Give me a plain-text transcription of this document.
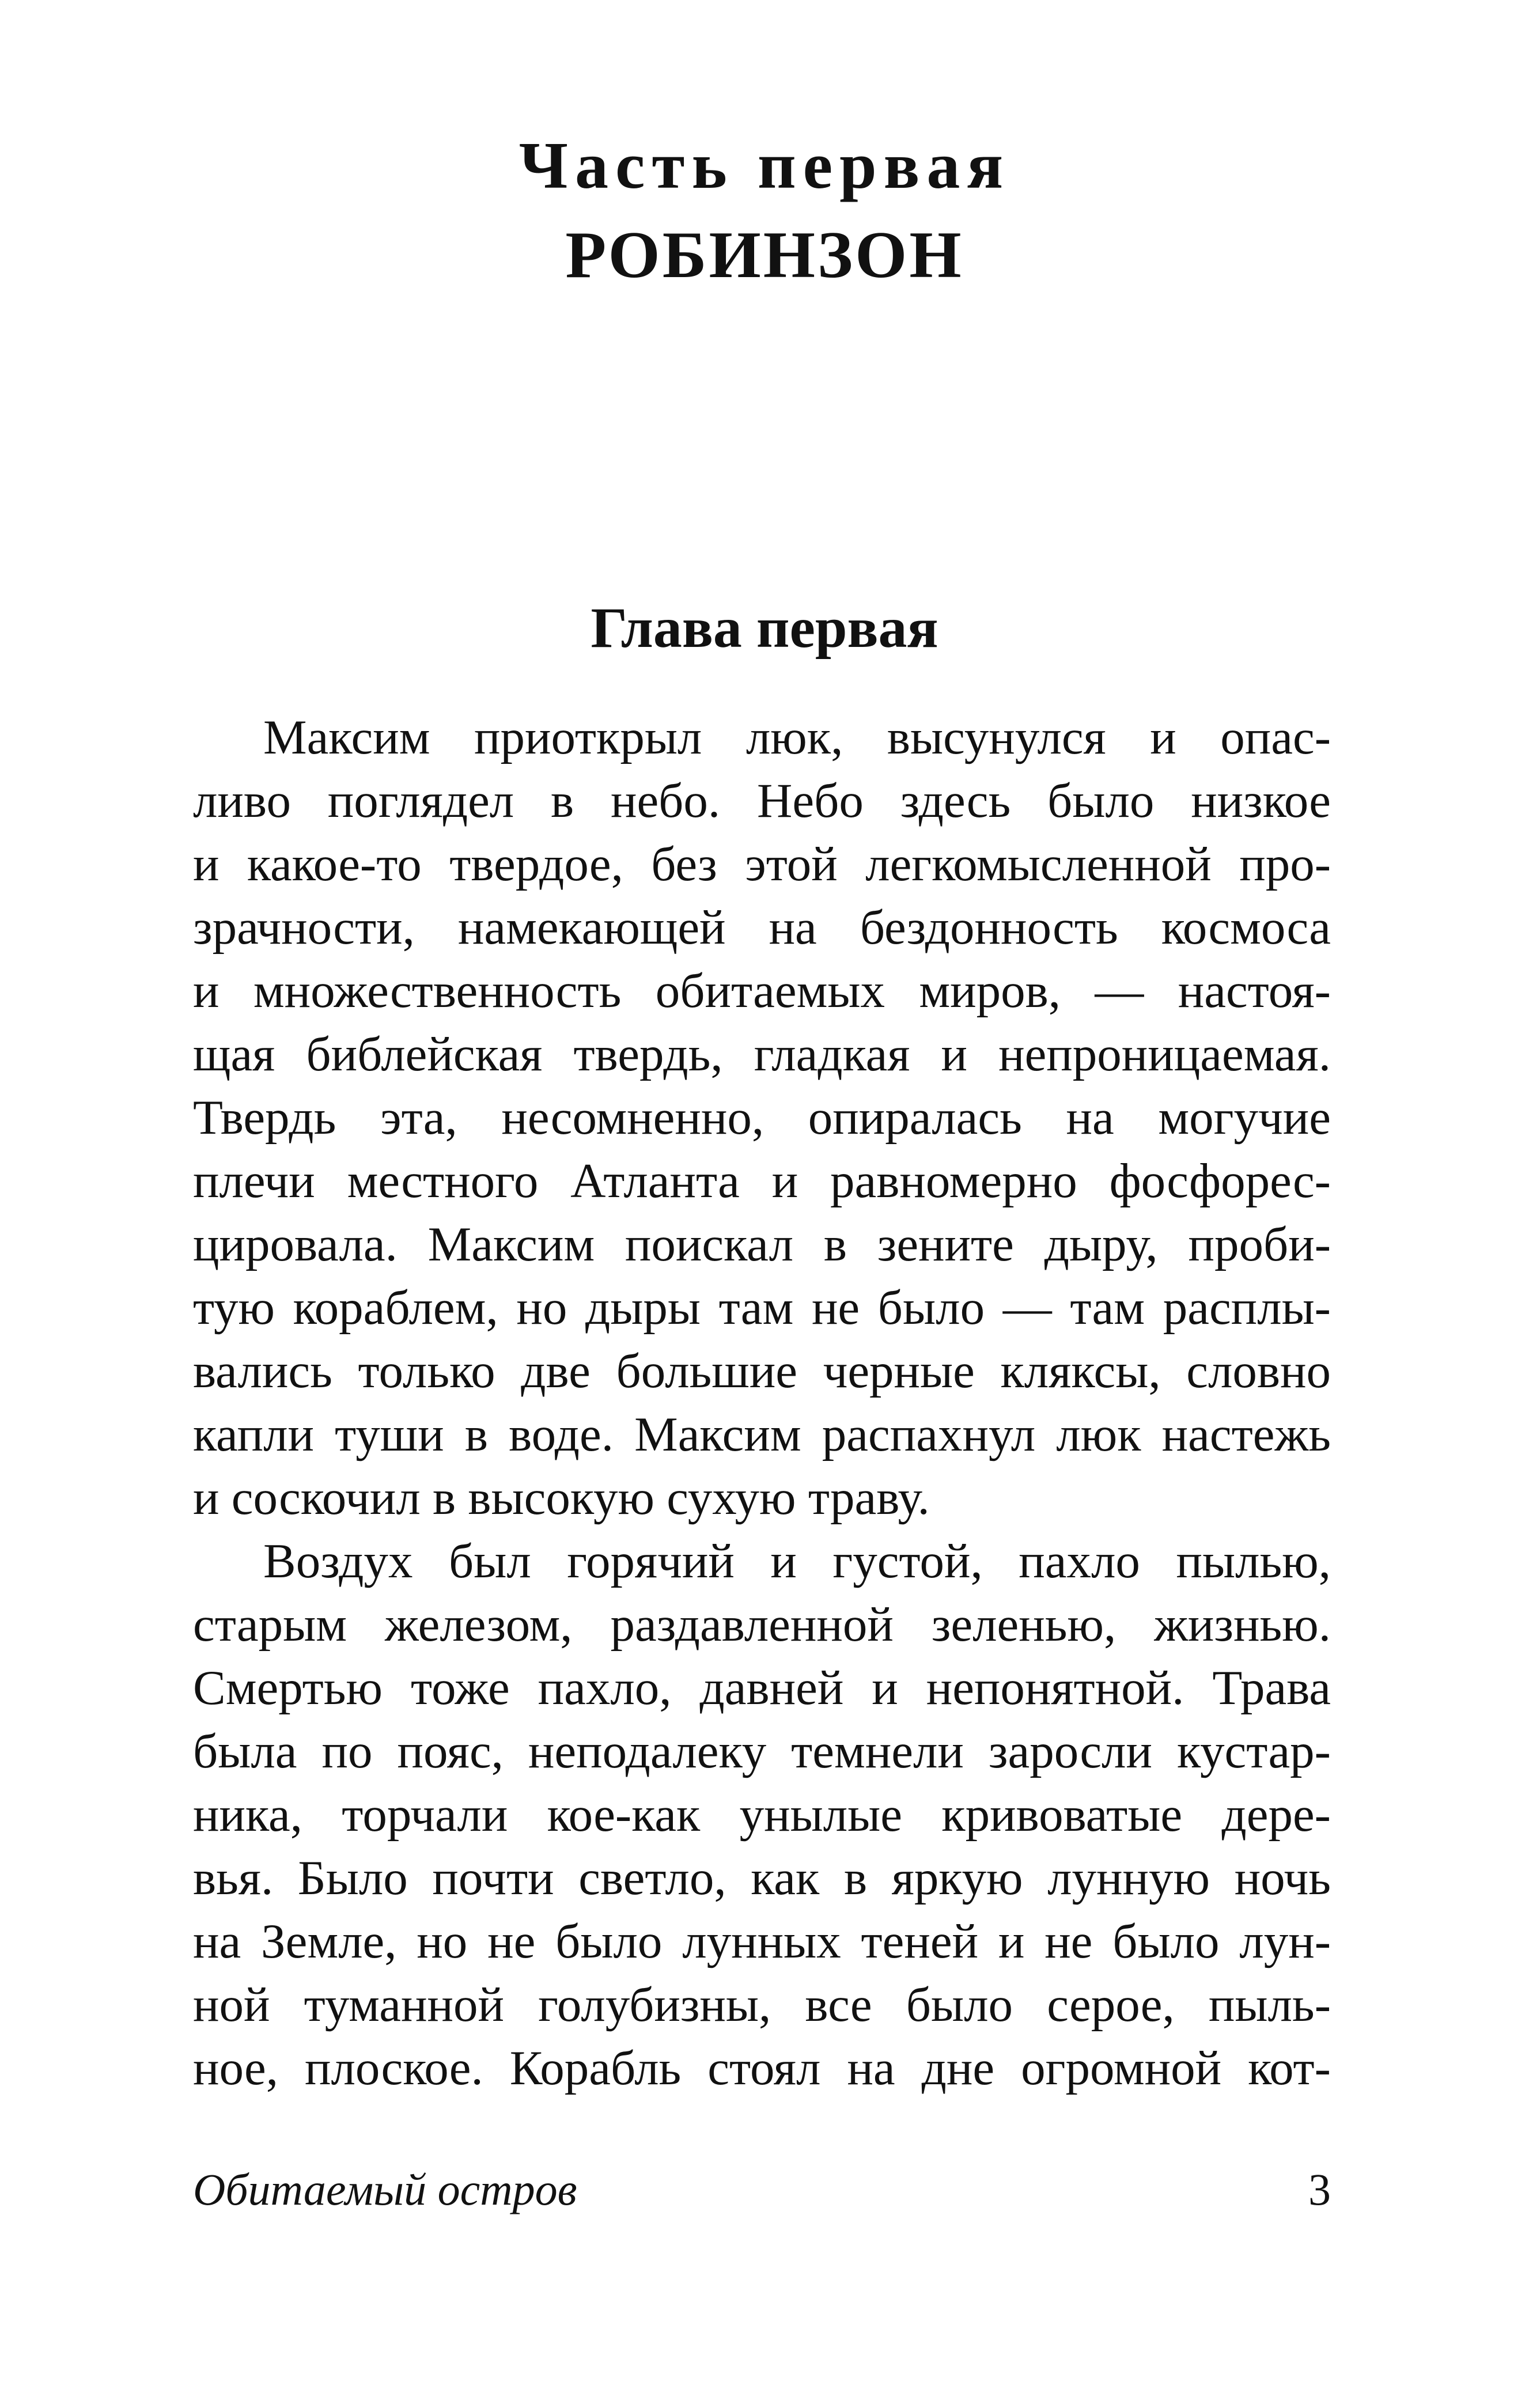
Часть первая
РОБИНЗОН
Глава первая
Максим приоткрыл люк, высунулся и опас-
ливо поглядел в небо. Небо здесь было низкое
и какое-то твердое, без этой легкомысленной про-
зрачности, намекающей на бездонность космоса
и множественность обитаемых миров, — настоя-
щая библейская твердь, гладкая и непроницаемая.
Твердь эта, несомненно, опиралась на могучие
плечи местного Атланта и равномерно фосфорес-
цировала. Максим поискал в зените дыру, проби-
тую кораблем, но дыры там не было — там расплы-
вались только две большие черные кляксы, словно
капли туши в воде. Максим распахнул люк настежь
и соскочил в высокую сухую траву.
Воздух был горячий и густой, пахло пылью,
старым железом, раздавленной зеленью, жизнью.
Смертью тоже пахло, давней и непонятной. Трава
была по пояс, неподалеку темнели заросли кустар-
ника, торчали кое-как унылые кривоватые дере-
вья. Было почти светло, как в яркую лунную ночь
на Земле, но не было лунных теней и не было лун-
ной туманной голубизны, все было серое, пыль-
ное, плоское. Корабль стоял на дне огромной кот-
Обитаемый остров	3
